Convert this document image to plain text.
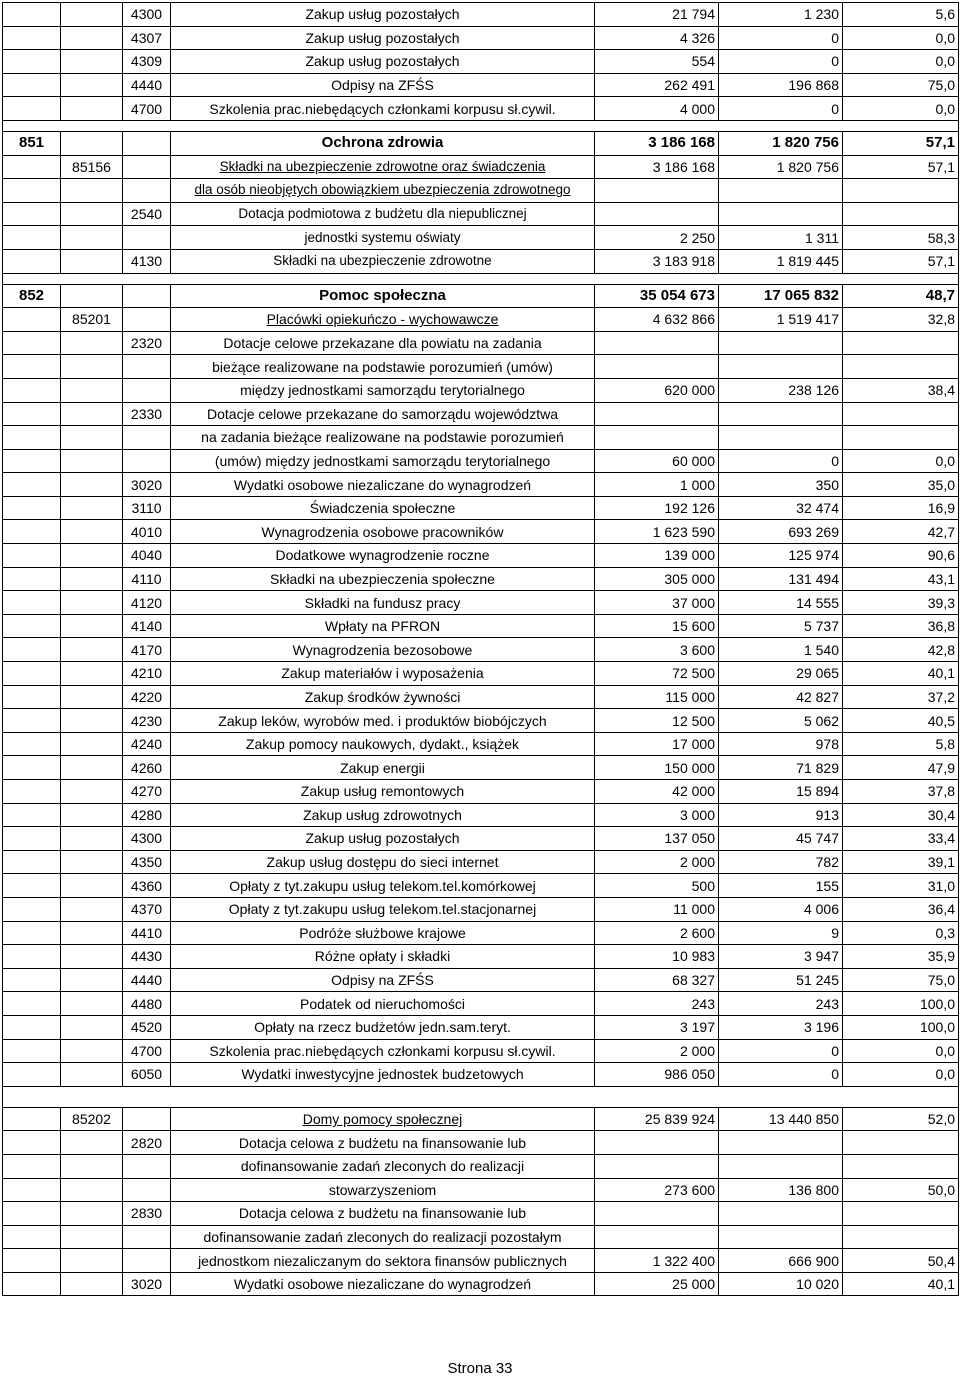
		4300	Zakup usług pozostałych	21 794	1 230	5,6
		4307	Zakup usług pozostałych	4 326	0	0,0
		4309	Zakup usług pozostałych	554	0	0,0
		4440	Odpisy na ZFŚS	262 491	196 868	75,0
		4700	Szkolenia prac.niebędących członkami korpusu sł.cywil.	4 000	0	0,0

851			Ochrona zdrowia	3 186 168	1 820 756	57,1
	85156		Składki na ubezpieczenie zdrowotne oraz świadczenia	3 186 168	1 820 756	57,1
			dla osób nieobjętych obowiązkiem ubezpieczenia zdrowotnego			
		2540	Dotacja podmiotowa z budżetu dla niepublicznej			
			jednostki systemu oświaty	2 250	1 311	58,3
		4130	Składki na ubezpieczenie zdrowotne	3 183 918	1 819 445	57,1

852			Pomoc społeczna	35 054 673	17 065 832	48,7
	85201		Placówki opiekuńczo - wychowawcze	4 632 866	1 519 417	32,8
		2320	Dotacje celowe przekazane dla powiatu na zadania			
			bieżące realizowane na podstawie porozumień (umów)			
			między jednostkami samorządu terytorialnego	620 000	238 126	38,4
		2330	Dotacje celowe przekazane do samorządu województwa			
			na zadania bieżące realizowane na podstawie porozumień			
			(umów) między jednostkami samorządu terytorialnego	60 000	0	0,0
		3020	Wydatki osobowe niezaliczane do wynagrodzeń	1 000	350	35,0
		3110	Świadczenia społeczne	192 126	32 474	16,9
		4010	Wynagrodzenia osobowe pracowników	1 623 590	693 269	42,7
		4040	Dodatkowe wynagrodzenie roczne	139 000	125 974	90,6
		4110	Składki na ubezpieczenia społeczne	305 000	131 494	43,1
		4120	Składki na fundusz pracy	37 000	14 555	39,3
		4140	Wpłaty na PFRON	15 600	5 737	36,8
		4170	Wynagrodzenia bezosobowe	3 600	1 540	42,8
		4210	Zakup materiałów i wyposażenia	72 500	29 065	40,1
		4220	Zakup środków żywności	115 000	42 827	37,2
		4230	Zakup leków, wyrobów med. i produktów biobójczych	12 500	5 062	40,5
		4240	Zakup pomocy naukowych, dydakt., książek	17 000	978	5,8
		4260	Zakup energii	150 000	71 829	47,9
		4270	Zakup usług remontowych	42 000	15 894	37,8
		4280	Zakup usług zdrowotnych	3 000	913	30,4
		4300	Zakup usług pozostałych	137 050	45 747	33,4
		4350	Zakup usług dostępu do sieci internet	2 000	782	39,1
		4360	Opłaty z tyt.zakupu usług telekom.tel.komórkowej	500	155	31,0
		4370	Opłaty z tyt.zakupu usług telekom.tel.stacjonarnej	11 000	4 006	36,4
		4410	Podróże służbowe krajowe	2 600	9	0,3
		4430	Różne opłaty i składki	10 983	3 947	35,9
		4440	Odpisy na ZFŚS	68 327	51 245	75,0
		4480	Podatek od nieruchomości	243	243	100,0
		4520	Opłaty na rzecz budżetów jedn.sam.teryt.	3 197	3 196	100,0
		4700	Szkolenia prac.niebędących członkami korpusu sł.cywil.	2 000	0	0,0
		6050	Wydatki inwestycyjne jednostek budzetowych	986 050	0	0,0

	85202		Domy pomocy społecznej	25 839 924	13 440 850	52,0
		2820	Dotacja celowa z budżetu na finansowanie lub			
			dofinansowanie zadań zleconych do realizacji			
			stowarzyszeniom	273 600	136 800	50,0
		2830	Dotacja celowa z budżetu na finansowanie lub			
			dofinansowanie zadań zleconych do realizacji pozostałym			
			jednostkom niezaliczanym do sektora finansów publicznych	1 322 400	666 900	50,4
		3020	Wydatki osobowe niezaliczane do wynagrodzeń	25 000	10 020	40,1
Strona 33
